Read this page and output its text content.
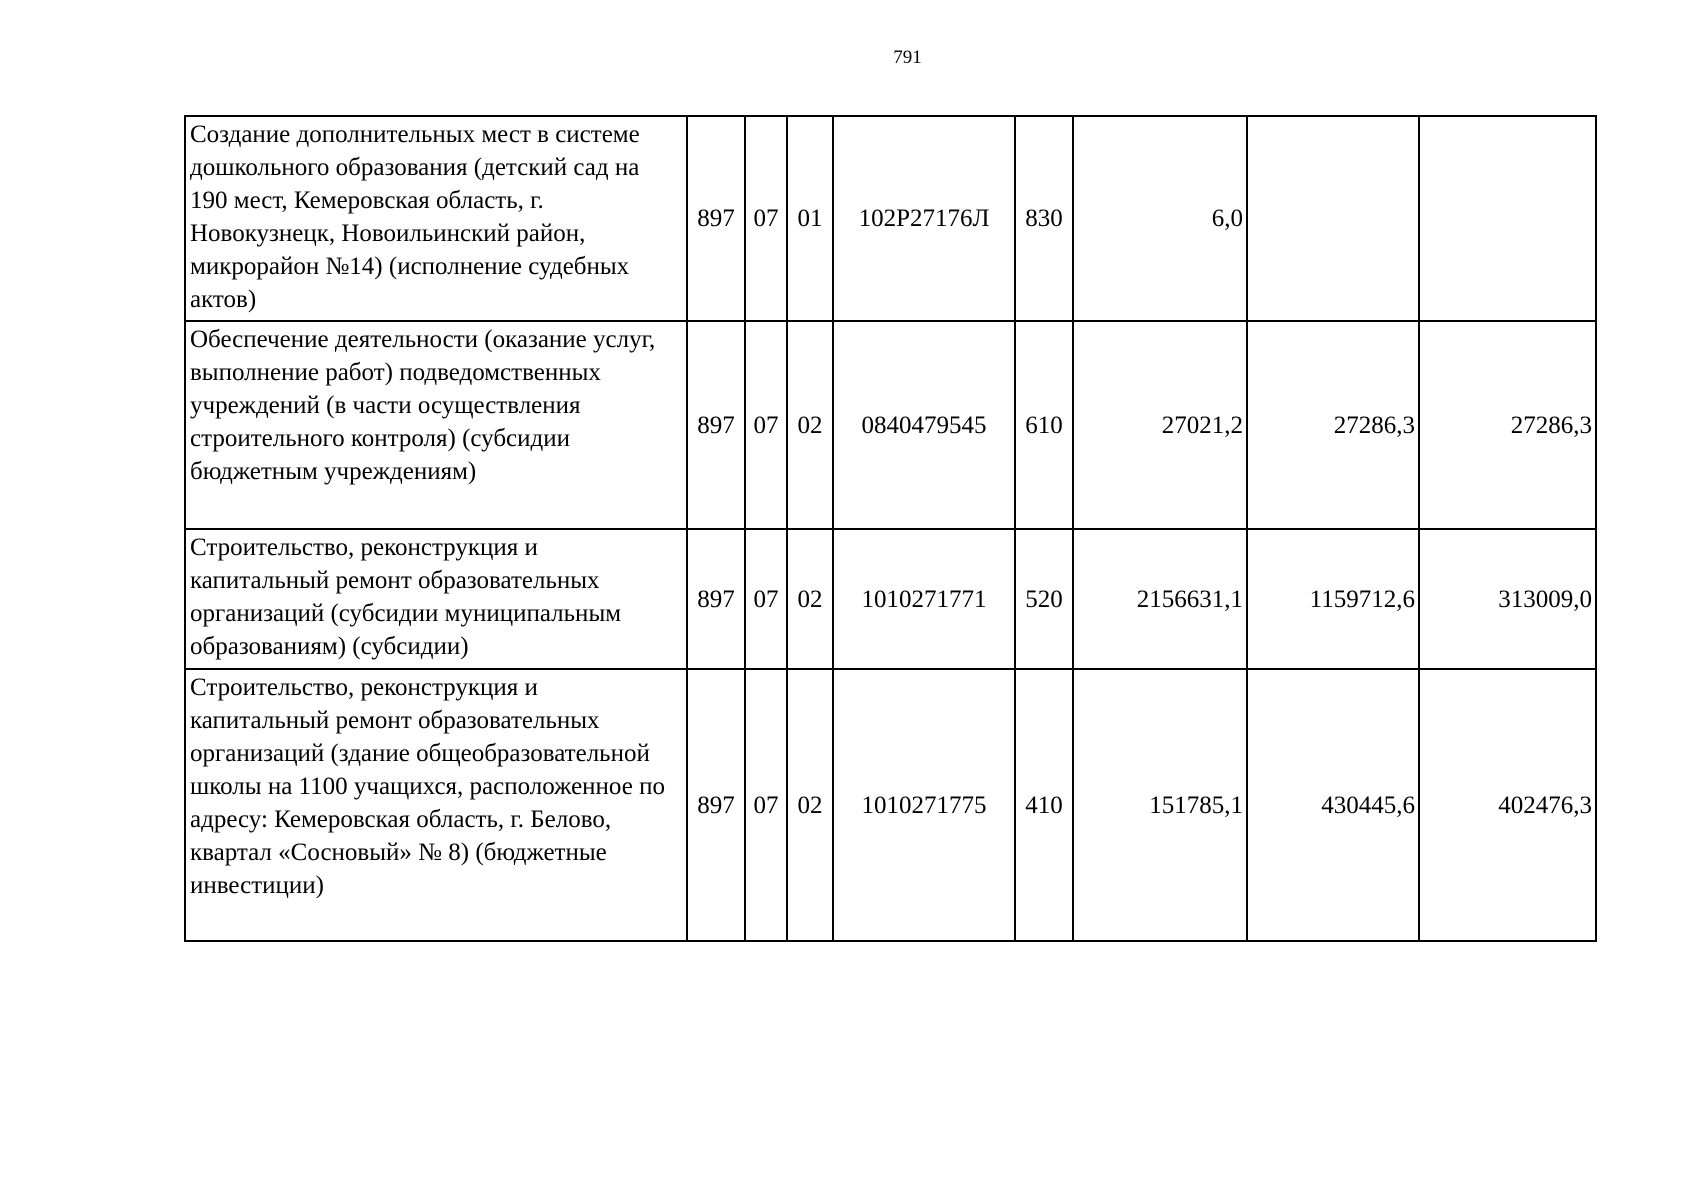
791
Создание дополнительных мест в системе дошкольного образования (детский сад на 190 мест, Кемеровская область, г. Новокузнецк, Новоильинский район, микрорайон №14) (исполнение судебных актов)	897	07	01	102Р27176Л	830	6,0		
Обеспечение деятельности (оказание услуг, выполнение работ) подведомственных учреждений (в части осуществления строительного контроля) (субсидии бюджетным учреждениям)	897	07	02	0840479545	610	27021,2	27286,3	27286,3
Строительство, реконструкция и капитальный ремонт образовательных организаций (субсидии муниципальным образованиям) (субсидии)	897	07	02	1010271771	520	2156631,1	1159712,6	313009,0
Строительство, реконструкция и капитальный ремонт образовательных организаций (здание общеобразовательной школы на 1100 учащихся, расположенное по адресу: Кемеровская область, г. Белово, квартал «Сосновый» № 8) (бюджетные инвестиции)	897	07	02	1010271775	410	151785,1	430445,6	402476,3
